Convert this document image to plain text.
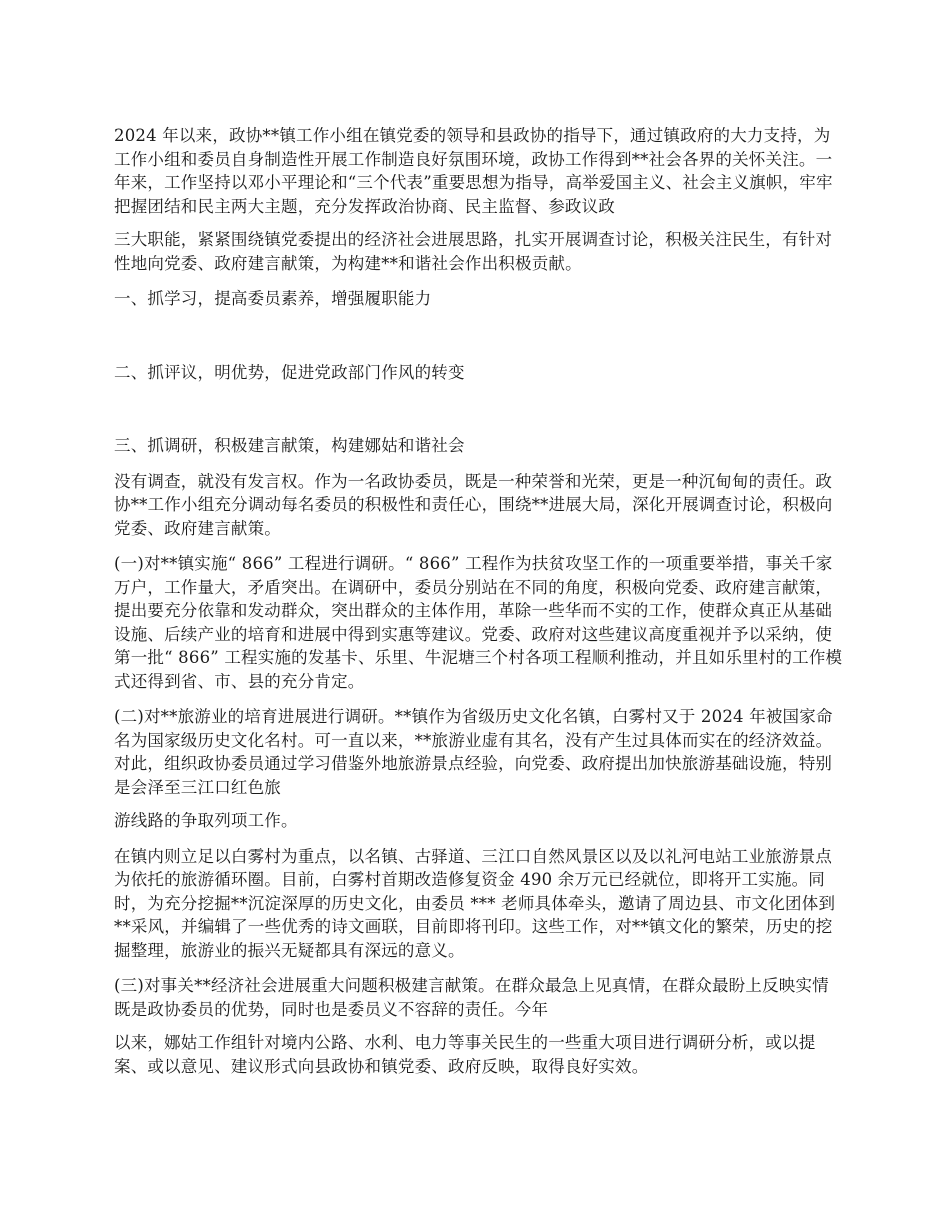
2024 年以来，政协**镇工作小组在镇党委的领导和县政协的指导下，通过镇政府的大力支持，为工作小组和委员自身制造性开展工作制造良好氛围环境，政协工作得到**社会各界的关怀关注。一年来，工作坚持以邓小平理论和“三个代表”重要思想为指导，高举爱国主义、社会主义旗帜，牢牢把握团结和民主两大主题，充分发挥政治协商、民主监督、参政议政

三大职能，紧紧围绕镇党委提出的经济社会进展思路，扎实开展调查讨论，积极关注民生，有针对性地向党委、政府建言献策，为构建**和谐社会作出积极贡献。

一、抓学习，提高委员素养，增强履职能力

二、抓评议，明优势，促进党政部门作风的转变

三、抓调研，积极建言献策，构建娜姑和谐社会

没有调查，就没有发言权。作为一名政协委员，既是一种荣誉和光荣，更是一种沉甸甸的责任。政协**工作小组充分调动每名委员的积极性和责任心，围绕**进展大局，深化开展调查讨论，积极向党委、政府建言献策。

(一)对**镇实施“ 866” 工程进行调研。“ 866” 工程作为扶贫攻坚工作的一项重要举措，事关千家万户，工作量大，矛盾突出。在调研中，委员分别站在不同的角度，积极向党委、政府建言献策，提出要充分依靠和发动群众，突出群众的主体作用，革除一些华而不实的工作，使群众真正从基础设施、后续产业的培育和进展中得到实惠等建议。党委、政府对这些建议高度重视并予以采纳，使第一批“ 866” 工程实施的发基卡、乐里、牛泥塘三个村各项工程顺利推动，并且如乐里村的工作模式还得到省、市、县的充分肯定。

(二)对**旅游业的培育进展进行调研。**镇作为省级历史文化名镇，白雾村又于 2024 年被国家命名为国家级历史文化名村。可一直以来，**旅游业虚有其名，没有产生过具体而实在的经济效益。对此，组织政协委员通过学习借鉴外地旅游景点经验，向党委、政府提出加快旅游基础设施，特别是会泽至三江口红色旅

游线路的争取列项工作。

在镇内则立足以白雾村为重点，以名镇、古驿道、三江口自然风景区以及以礼河电站工业旅游景点为依托的旅游循环圈。目前，白雾村首期改造修复资金 490 余万元已经就位，即将开工实施。同时，为充分挖掘**沉淀深厚的历史文化，由委员 *** 老师具体牵头，邀请了周边县、市文化团体到**采风，并编辑了一些优秀的诗文画联，目前即将刊印。这些工作，对**镇文化的繁荣，历史的挖掘整理，旅游业的振兴无疑都具有深远的意义。

(三)对事关**经济社会进展重大问题积极建言献策。在群众最急上见真情，在群众最盼上反映实情既是政协委员的优势，同时也是委员义不容辞的责任。今年

以来，娜姑工作组针对境内公路、水利、电力等事关民生的一些重大项目进行调研分析，或以提案、或以意见、建议形式向县政协和镇党委、政府反映，取得良好实效。
